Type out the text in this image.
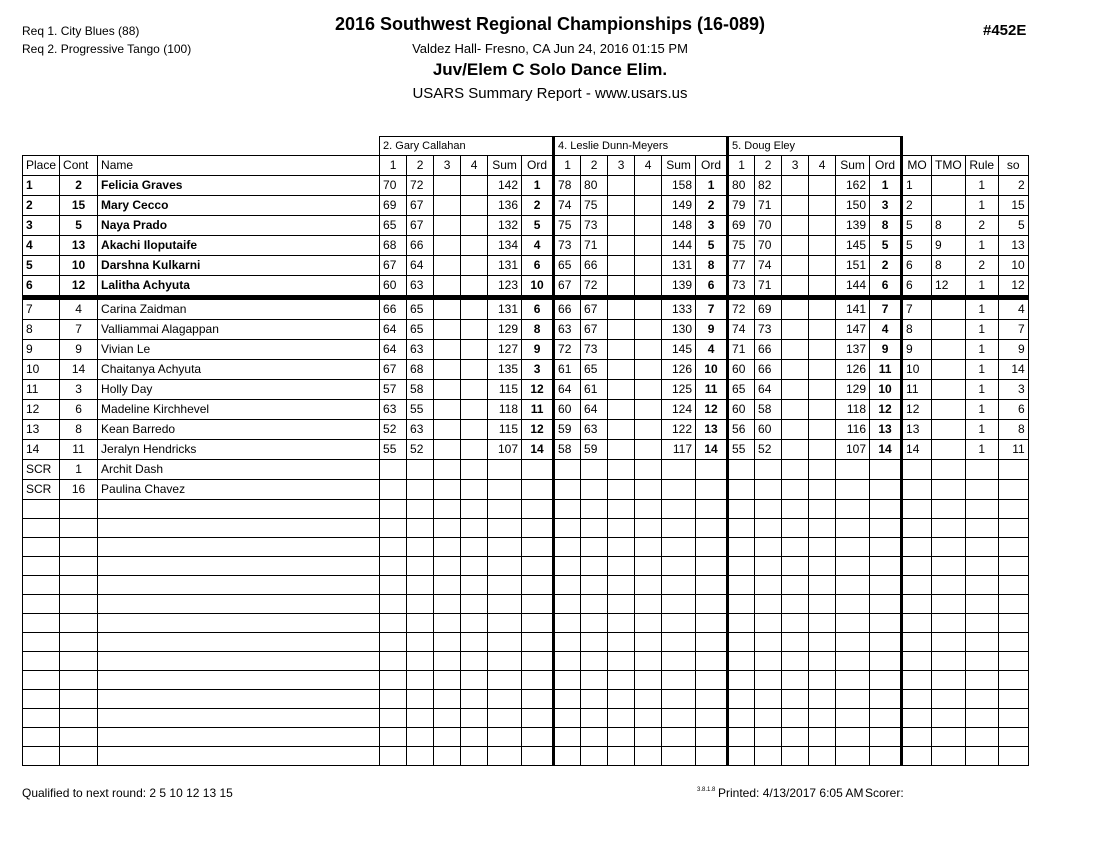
Req 1. City Blues (88)
Req 2. Progressive Tango (100)
2016 Southwest Regional Championships (16-089)
Valdez Hall- Fresno, CA Jun 24, 2016 01:15 PM
Juv/Elem C Solo Dance Elim.
USARS Summary Report - www.usars.us
#452E
			2. Gary Callahan						4. Leslie Dunn-Meyers						5. Doug Eley									
Place	Cont	Name	1	2	3	4	Sum	Ord	1	2	3	4	Sum	Ord	1	2	3	4	Sum	Ord	MO	TMO	Rule	so
1	2	Felicia Graves	70	72			142	1	78	80			158	1	80	82			162	1	1		1	2
2	15	Mary Cecco	69	67			136	2	74	75			149	2	79	71			150	3	2		1	15
3	5	Naya Prado	65	67			132	5	75	73			148	3	69	70			139	8	5	8	2	5
4	13	Akachi Iloputaife	68	66			134	4	73	71			144	5	75	70			145	5	5	9	1	13
5	10	Darshna Kulkarni	67	64			131	6	65	66			131	8	77	74			151	2	6	8	2	10
6	12	Lalitha Achyuta	60	63			123	10	67	72			139	6	73	71			144	6	6	12	1	12
7	4	Carina Zaidman	66	65			131	6	66	67			133	7	72	69			141	7	7		1	4
8	7	Valliammai Alagappan	64	65			129	8	63	67			130	9	74	73			147	4	8		1	7
9	9	Vivian Le	64	63			127	9	72	73			145	4	71	66			137	9	9		1	9
10	14	Chaitanya Achyuta	67	68			135	3	61	65			126	10	60	66			126	11	10		1	14
11	3	Holly Day	57	58			115	12	64	61			125	11	65	64			129	10	11		1	3
12	6	Madeline Kirchhevel	63	55			118	11	60	64			124	12	60	58			118	12	12		1	6
13	8	Kean Barredo	52	63			115	12	59	63			122	13	56	60			116	13	13		1	8
14	11	Jeralyn Hendricks	55	52			107	14	58	59			117	14	55	52			107	14	14		1	11
SCR	1	Archit Dash																						
SCR	16	Paulina Chavez																						

Qualified to next round: 2 5 10 12 13 15	3.8.1.8 Printed: 4/13/2017 6:05 AM Scorer:
